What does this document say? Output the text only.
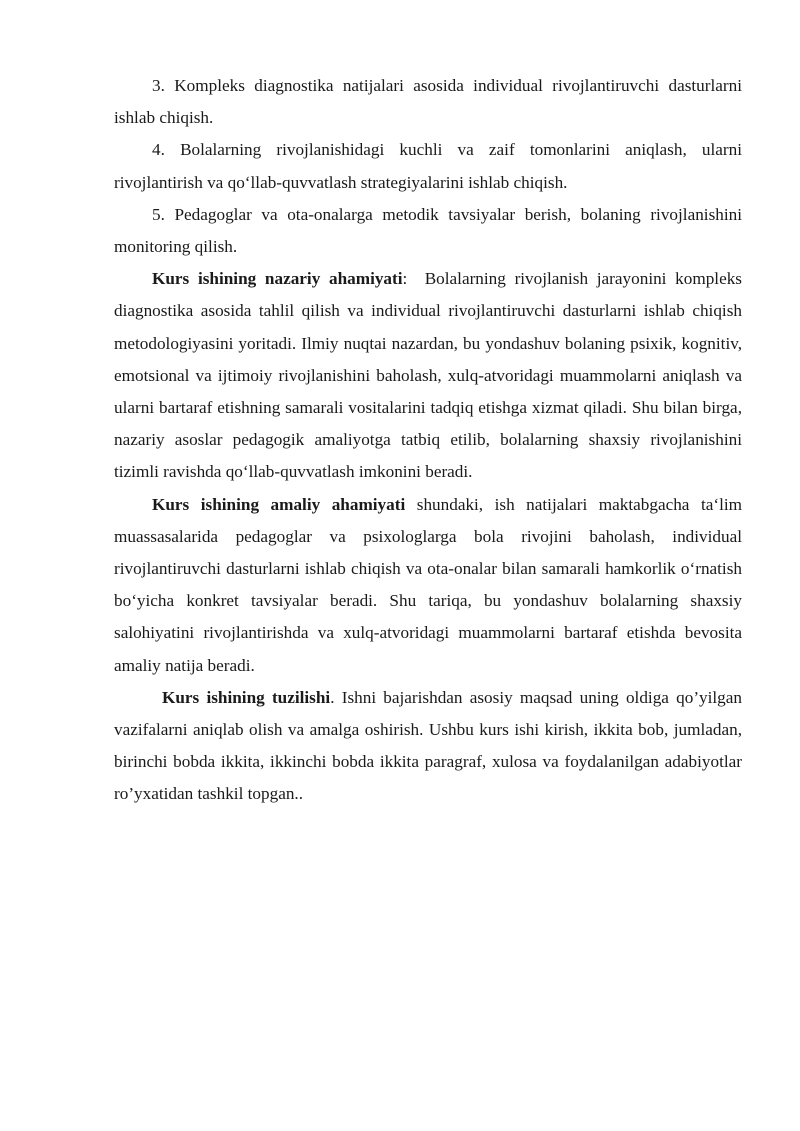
3. Kompleks diagnostika natijalari asosida individual rivojlantiruvchi dasturlarni ishlab chiqish.

4. Bolalarning rivojlanishidagi kuchli va zaif tomonlarini aniqlash, ularni rivojlantirish va qo‘llab-quvvatlash strategiyalarini ishlab chiqish.

5. Pedagoglar va ota-onalarga metodik tavsiyalar berish, bolaning rivojlanishini monitoring qilish.

Kurs ishining nazariy ahamiyati: Bolalarning rivojlanish jarayonini kompleks diagnostika asosida tahlil qilish va individual rivojlantiruvchi dasturlarni ishlab chiqish metodologiyasini yoritadi. Ilmiy nuqtai nazardan, bu yondashuv bolaning psixik, kognitiv, emotsional va ijtimoiy rivojlanishini baholash, xulq-atvoridagi muammolarni aniqlash va ularni bartaraf etishning samarali vositalarini tadqiq etishga xizmat qiladi. Shu bilan birga, nazariy asoslar pedagogik amaliyotga tatbiq etilib, bolalarning shaxsiy rivojlanishini tizimli ravishda qo‘llab-quvvatlash imkonini beradi.

Kurs ishining amaliy ahamiyati shundaki, ish natijalari maktabgacha ta‘lim muassasalarida pedagoglar va psixologlarga bola rivojini baholash, individual rivojlantiruvchi dasturlarni ishlab chiqish va ota-onalar bilan samarali hamkorlik o‘rnatish bo‘yicha konkret tavsiyalar beradi. Shu tariqa, bu yondashuv bolalarning shaxsiy salohiyatini rivojlantirishda va xulq-atvoridagi muammolarni bartaraf etishda bevosita amaliy natija beradi.

Kurs ishining tuzilishi. Ishni bajarishdan asosiy maqsad uning oldiga qo’yilgan vazifalarni aniqlab olish va amalga oshirish. Ushbu kurs ishi kirish, ikkita bob, jumladan, birinchi bobda ikkita, ikkinchi bobda ikkita paragraf, xulosa va foydalanilgan adabiyotlar ro’yxatidan tashkil topgan..
